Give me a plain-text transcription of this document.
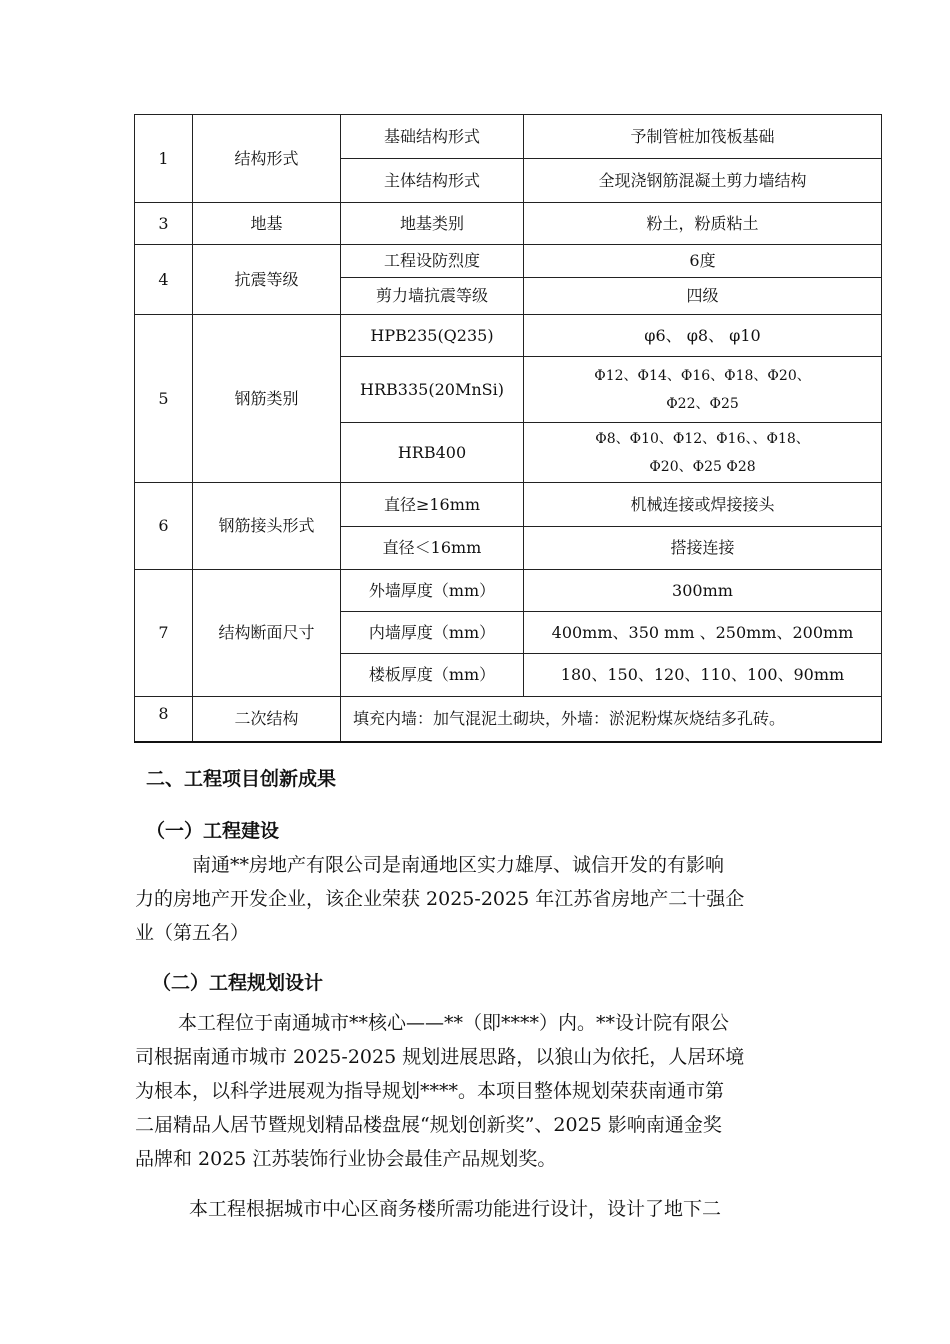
1	结构形式	基础结构形式	予制管桩加筏板基础
		主体结构形式	全现浇钢筋混凝土剪力墙结构
3	地基	地基类别	粉土，粉质粘土
4	抗震等级	工程设防烈度	6度
		剪力墙抗震等级	四级
5	钢筋类别	HPB235(Q235)	φ6、 φ8、 φ10
		HRB335(20MnSi)	Φ12、Φ14、Φ16、Φ18、Φ20、
Φ22、Φ25
		HRB400	Φ8、Φ10、Φ12、Φ16、、Φ18、
Φ20、Φ25 Φ28
6	钢筋接头形式	直径≥16mm	机械连接或焊接接头
		直径＜16mm	搭接连接
7	结构断面尺寸	外墙厚度（mm）	300mm
		内墙厚度（mm）	400mm、350 mm 、250mm、200mm
		楼板厚度（mm）	180、150、120、110、100、90mm
8	二次结构	填充内墙：加气混泥土砌块，外墙：淤泥粉煤灰烧结多孔砖。	
二、工程项目创新成果
（一）工程建设
南通**房地产有限公司是南通地区实力雄厚、诚信开发的有影响
力的房地产开发企业，该企业荣获 2025-2025 年江苏省房地产二十强企
业（第五名）
（二）工程规划设计
本工程位于南通城市**核心——**（即****）内。**设计院有限公
司根据南通市城市 2025-2025 规划进展思路，以狼山为依托，人居环境
为根本，以科学进展观为指导规划****。本项目整体规划荣获南通市第
二届精品人居节暨规划精品楼盘展“规划创新奖”、2025 影响南通金奖
品牌和 2025 江苏装饰行业协会最佳产品规划奖。
本工程根据城市中心区商务楼所需功能进行设计，设计了地下二
